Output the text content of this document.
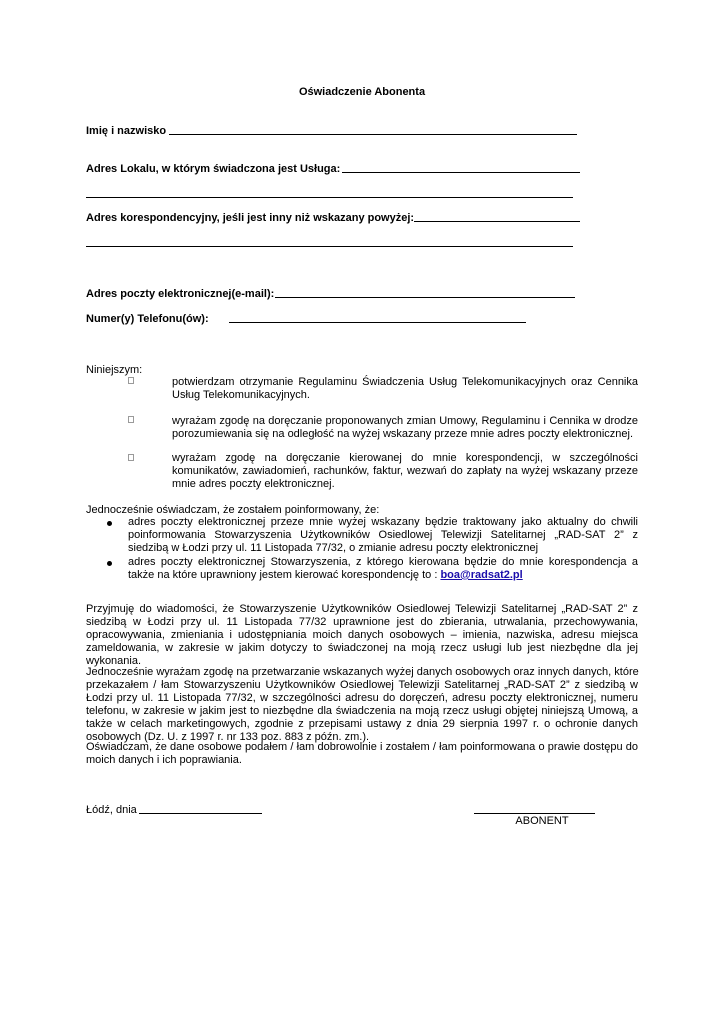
Oświadczenie Abonenta
Imię i nazwisko
Adres Lokalu, w którym świadczona jest Usługa:
Adres korespondencyjny, jeśli jest inny niż wskazany powyżej:
Adres poczty elektronicznej(e-mail):
Numer(y) Telefonu(ów):
Niniejszym:
potwierdzam otrzymanie Regulaminu Świadczenia Usług Telekomunikacyjnych oraz Cennika
Usług Telekomunikacyjnych.
wyrażam zgodę na doręczanie proponowanych zmian Umowy, Regulaminu i Cennika w drodze
porozumiewania się na odległość na wyżej wskazany przeze mnie adres poczty elektronicznej.
wyrażam zgodę na doręczanie kierowanej do mnie korespondencji, w szczególności
komunikatów, zawiadomień, rachunków, faktur, wezwań do zapłaty na wyżej wskazany przeze
mnie adres poczty elektronicznej.
Jednocześnie oświadczam, że zostałem poinformowany, że:
adres poczty elektronicznej przeze mnie wyżej wskazany będzie traktowany jako aktualny do chwili
poinformowania Stowarzyszenia Użytkowników Osiedlowej Telewizji Satelitarnej „RAD-SAT 2” z
siedzibą w Łodzi przy ul. 11 Listopada 77/32, o zmianie adresu poczty elektronicznej
adres poczty elektronicznej Stowarzyszenia, z którego kierowana będzie do mnie korespondencja a
także na które uprawniony jestem kierować korespondencję to : boa@radsat2.pl
Przyjmuję do wiadomości, że Stowarzyszenie Użytkowników Osiedlowej Telewizji Satelitarnej „RAD-SAT 2” z
siedzibą w Łodzi przy ul. 11 Listopada 77/32 uprawnione jest do zbierania, utrwalania, przechowywania,
opracowywania, zmieniania i udostępniania moich danych osobowych – imienia, nazwiska, adresu miejsca
zameldowania, w zakresie w jakim dotyczy to świadczonej na moją rzecz usługi lub jest niezbędne dla jej
wykonania.
Jednocześnie wyrażam zgodę na przetwarzanie wskazanych wyżej danych osobowych oraz innych danych, które
przekazałem / łam Stowarzyszeniu Użytkowników Osiedlowej Telewizji Satelitarnej „RAD-SAT 2” z siedzibą w
Łodzi przy ul. 11 Listopada 77/32, w szczególności adresu do doręczeń, adresu poczty elektronicznej, numeru
telefonu, w zakresie w jakim jest to niezbędne dla świadczenia na moją rzecz usługi objętej niniejszą Umową, a
także w celach marketingowych, zgodnie z przepisami ustawy z dnia 29 sierpnia 1997 r. o ochronie danych
osobowych (Dz. U. z 1997 r. nr 133 poz. 883 z późn. zm.).
Oświadczam, że dane osobowe podałem / łam dobrowolnie i zostałem / łam poinformowana o prawie dostępu do
moich danych i ich poprawiania.
Łódź, dnia
ABONENT
